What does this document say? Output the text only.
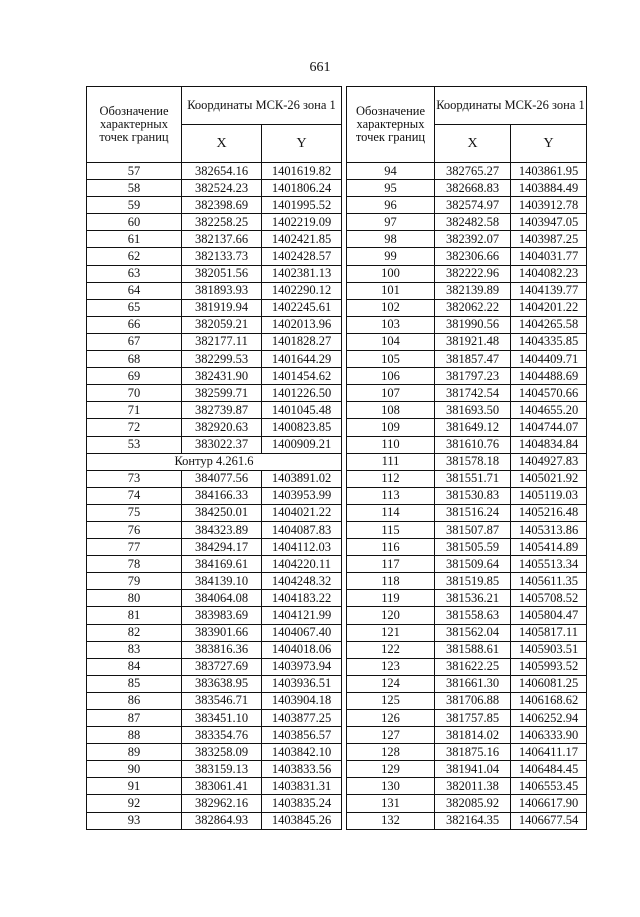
661
Обозначение характерных точек границ	Координаты МСК-26 зона 1	
	X	Y
57	382654.16	1401619.82
58	382524.23	1401806.24
59	382398.69	1401995.52
60	382258.25	1402219.09
61	382137.66	1402421.85
62	382133.73	1402428.57
63	382051.56	1402381.13
64	381893.93	1402290.12
65	381919.94	1402245.61
66	382059.21	1402013.96
67	382177.11	1401828.27
68	382299.53	1401644.29
69	382431.90	1401454.62
70	382599.71	1401226.50
71	382739.87	1401045.48
72	382920.63	1400823.85
53	383022.37	1400909.21
Контур 4.261.6		
73	384077.56	1403891.02
74	384166.33	1403953.99
75	384250.01	1404021.22
76	384323.89	1404087.83
77	384294.17	1404112.03
78	384169.61	1404220.11
79	384139.10	1404248.32
80	384064.08	1404183.22
81	383983.69	1404121.99
82	383901.66	1404067.40
83	383816.36	1404018.06
84	383727.69	1403973.94
85	383638.95	1403936.51
86	383546.71	1403904.18
87	383451.10	1403877.25
88	383354.76	1403856.57
89	383258.09	1403842.10
90	383159.13	1403833.56
91	383061.41	1403831.31
92	382962.16	1403835.24
93	382864.93	1403845.26
Обозначение характерных точек границ	Координаты МСК-26 зона 1	
	X	Y
94	382765.27	1403861.95
95	382668.83	1403884.49
96	382574.97	1403912.78
97	382482.58	1403947.05
98	382392.07	1403987.25
99	382306.66	1404031.77
100	382222.96	1404082.23
101	382139.89	1404139.77
102	382062.22	1404201.22
103	381990.56	1404265.58
104	381921.48	1404335.85
105	381857.47	1404409.71
106	381797.23	1404488.69
107	381742.54	1404570.66
108	381693.50	1404655.20
109	381649.12	1404744.07
110	381610.76	1404834.84
111	381578.18	1404927.83
112	381551.71	1405021.92
113	381530.83	1405119.03
114	381516.24	1405216.48
115	381507.87	1405313.86
116	381505.59	1405414.89
117	381509.64	1405513.34
118	381519.85	1405611.35
119	381536.21	1405708.52
120	381558.63	1405804.47
121	381562.04	1405817.11
122	381588.61	1405903.51
123	381622.25	1405993.52
124	381661.30	1406081.25
125	381706.88	1406168.62
126	381757.85	1406252.94
127	381814.02	1406333.90
128	381875.16	1406411.17
129	381941.04	1406484.45
130	382011.38	1406553.45
131	382085.92	1406617.90
132	382164.35	1406677.54
